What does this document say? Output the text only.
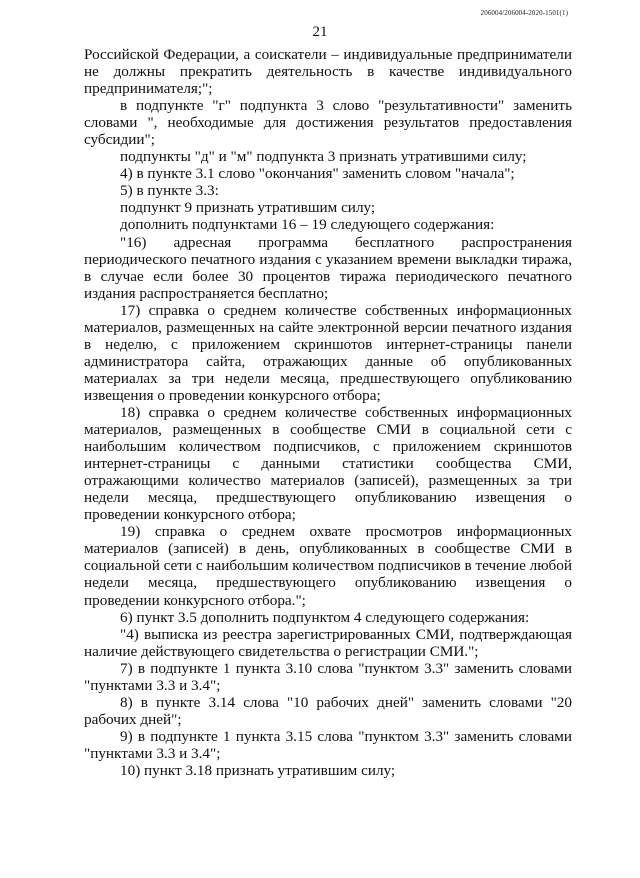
206004/206004-2020-1501(1)
21

Российской Федерации, а соискатели – индивидуальные предприниматели не должны прекратить деятельность в качестве индивидуального предпринимателя;";

в подпункте "г" подпункта 3 слово "результативности" заменить словами ", необходимые для достижения результатов предоставления субсидии";

подпункты "д" и "м" подпункта 3 признать утратившими силу;

4) в пункте 3.1 слово "окончания" заменить словом "начала";

5) в пункте 3.3:

подпункт 9 признать утратившим силу;

дополнить подпунктами 16 – 19 следующего содержания:

"16) адресная программа бесплатного распространения периодического печатного издания с указанием времени выкладки тиража, в случае если более 30 процентов тиража периодического печатного издания распространяется бесплатно;

17) справка о среднем количестве собственных информационных материалов, размещенных на сайте электронной версии печатного издания в неделю, с приложением скриншотов интернет-страницы панели администратора сайта, отражающих данные об опубликованных материалах за три недели месяца, предшествующего опубликованию извещения о проведении конкурсного отбора;

18) справка о среднем количестве собственных информационных материалов, размещенных в сообществе СМИ в социальной сети с наибольшим количеством подписчиков, с приложением скриншотов интернет-страницы с данными статистики сообщества СМИ, отражающими количество материалов (записей), размещенных за три недели месяца, предшествующего опубликованию извещения о проведении конкурсного отбора;

19) справка о среднем охвате просмотров информационных материалов (записей) в день, опубликованных в сообществе СМИ в социальной сети с наибольшим количеством подписчиков в течение любой недели месяца, предшествующего опубликованию извещения о проведении конкурсного отбора.";

6) пункт 3.5 дополнить подпунктом 4 следующего содержания:

"4) выписка из реестра зарегистрированных СМИ, подтверждающая наличие действующего свидетельства о регистрации СМИ.";

7) в подпункте 1 пункта 3.10 слова "пунктом 3.3" заменить словами "пунктами 3.3 и 3.4";

8) в пункте 3.14 слова "10 рабочих дней" заменить словами "20 рабочих дней";

9) в подпункте 1 пункта 3.15 слова "пунктом 3.3" заменить словами "пунктами 3.3 и 3.4";

10) пункт 3.18 признать утратившим силу;
